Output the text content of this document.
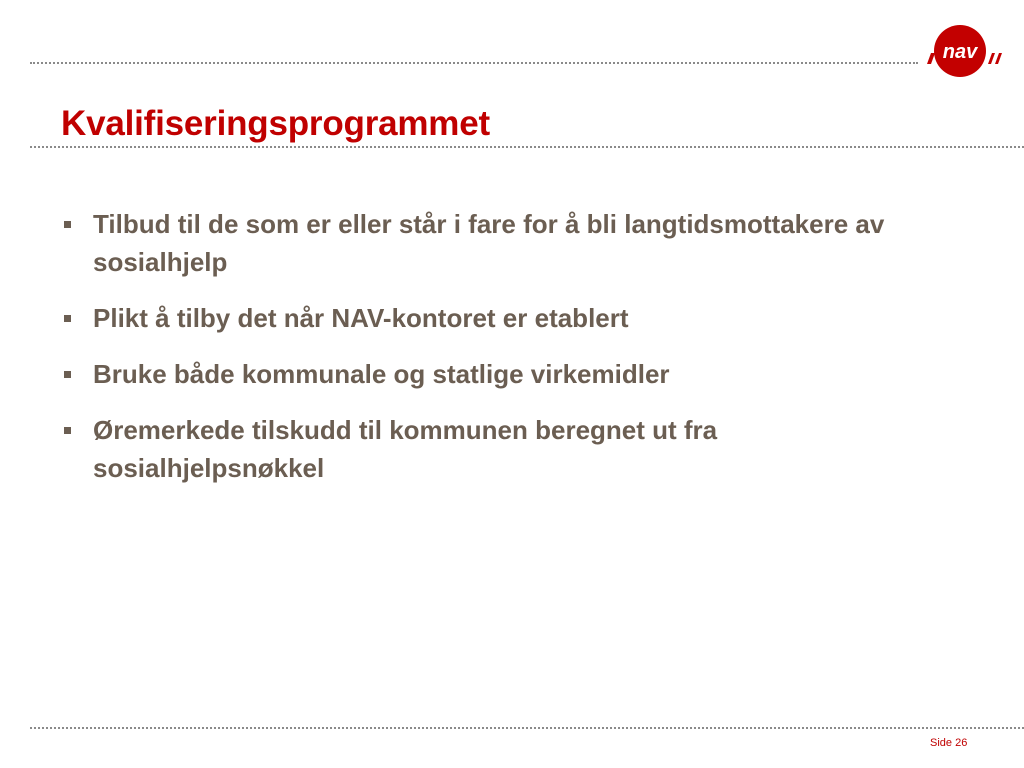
nav
Kvalifiseringsprogrammet
Tilbud til de som er eller står i fare for å bli langtidsmottakere av sosialhjelp
Plikt å tilby det når NAV-kontoret er etablert
Bruke både kommunale og statlige virkemidler
Øremerkede tilskudd til kommunen beregnet ut fra sosialhjelpsnøkkel
Side 26
